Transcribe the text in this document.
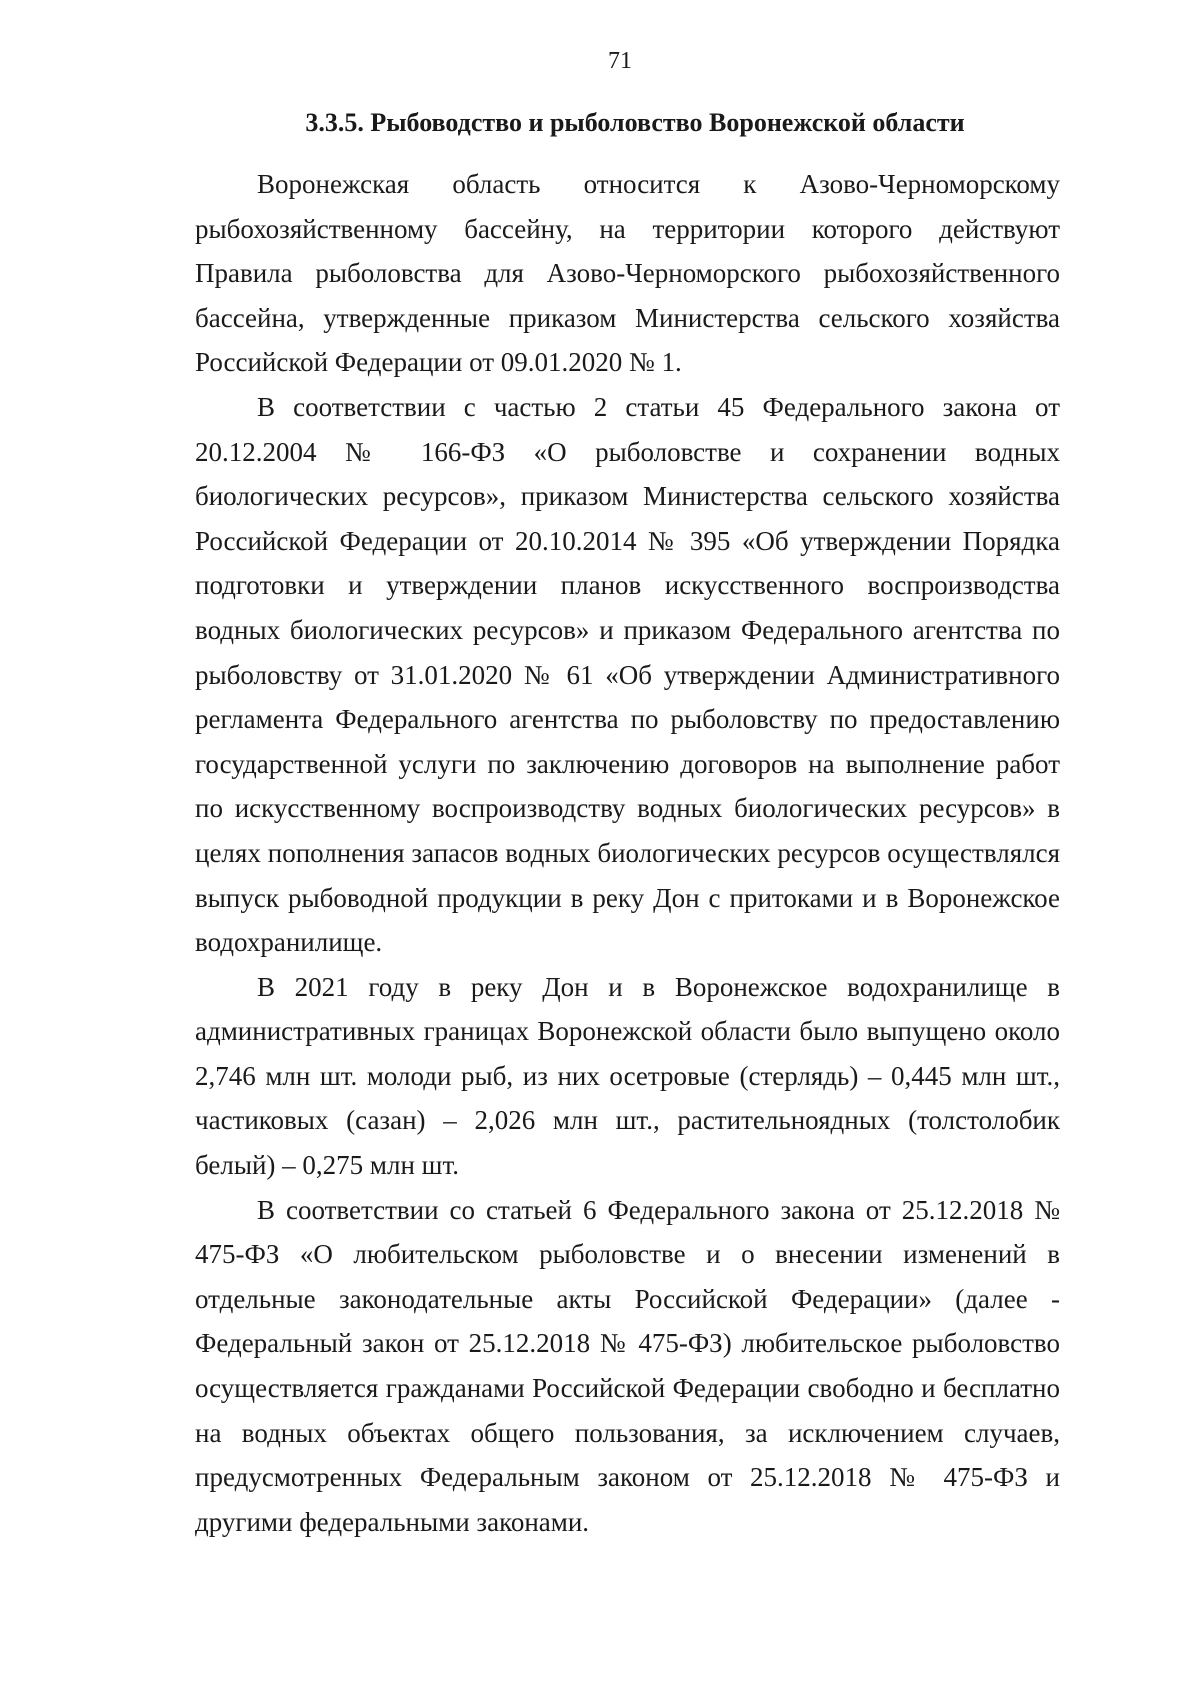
71
3.3.5. Рыбоводство и рыболовство Воронежской области

Воронежская область относится к Азово-Черноморскому рыбохозяйственному бассейну, на территории которого действуют Правила рыболовства для Азово-Черноморского рыбохозяйственного бассейна, утвержденные приказом Министерства сельского хозяйства Российской Федерации от 09.01.2020 № 1.

В соответствии с частью 2 статьи 45 Федерального закона от 20.12.2004 № 166-ФЗ «О рыболовстве и сохранении водных биологических ресурсов», приказом Министерства сельского хозяйства Российской Федерации от 20.10.2014 № 395 «Об утверждении Порядка подготовки и утверждении планов искусственного воспроизводства водных биологических ресурсов» и приказом Федерального агентства по рыболовству от 31.01.2020 № 61 «Об утверждении Административного регламента Федерального агентства по рыболовству по предоставлению государственной услуги по заключению договоров на выполнение работ по искусственному воспроизводству водных биологических ресурсов» в целях пополнения запасов водных биологических ресурсов осуществлялся выпуск рыбоводной продукции в реку Дон с притоками и в Воронежское водохранилище.

В 2021 году в реку Дон и в Воронежское водохранилище в административных границах Воронежской области было выпущено около 2,746 млн шт. молоди рыб, из них осетровые (стерлядь) – 0,445 млн шт., частиковых (сазан) – 2,026 млн шт., растительноядных (толстолобик белый) – 0,275 млн шт.

В соответствии со статьей 6 Федерального закона от 25.12.2018 № 475-ФЗ «О любительском рыболовстве и о внесении изменений в отдельные законодательные акты Российской Федерации» (далее - Федеральный закон от 25.12.2018 № 475-ФЗ) любительское рыболовство осуществляется гражданами Российской Федерации свободно и бесплатно на водных объектах общего пользования, за исключением случаев, предусмотренных Федеральным законом от 25.12.2018 № 475-ФЗ и другими федеральными законами.
